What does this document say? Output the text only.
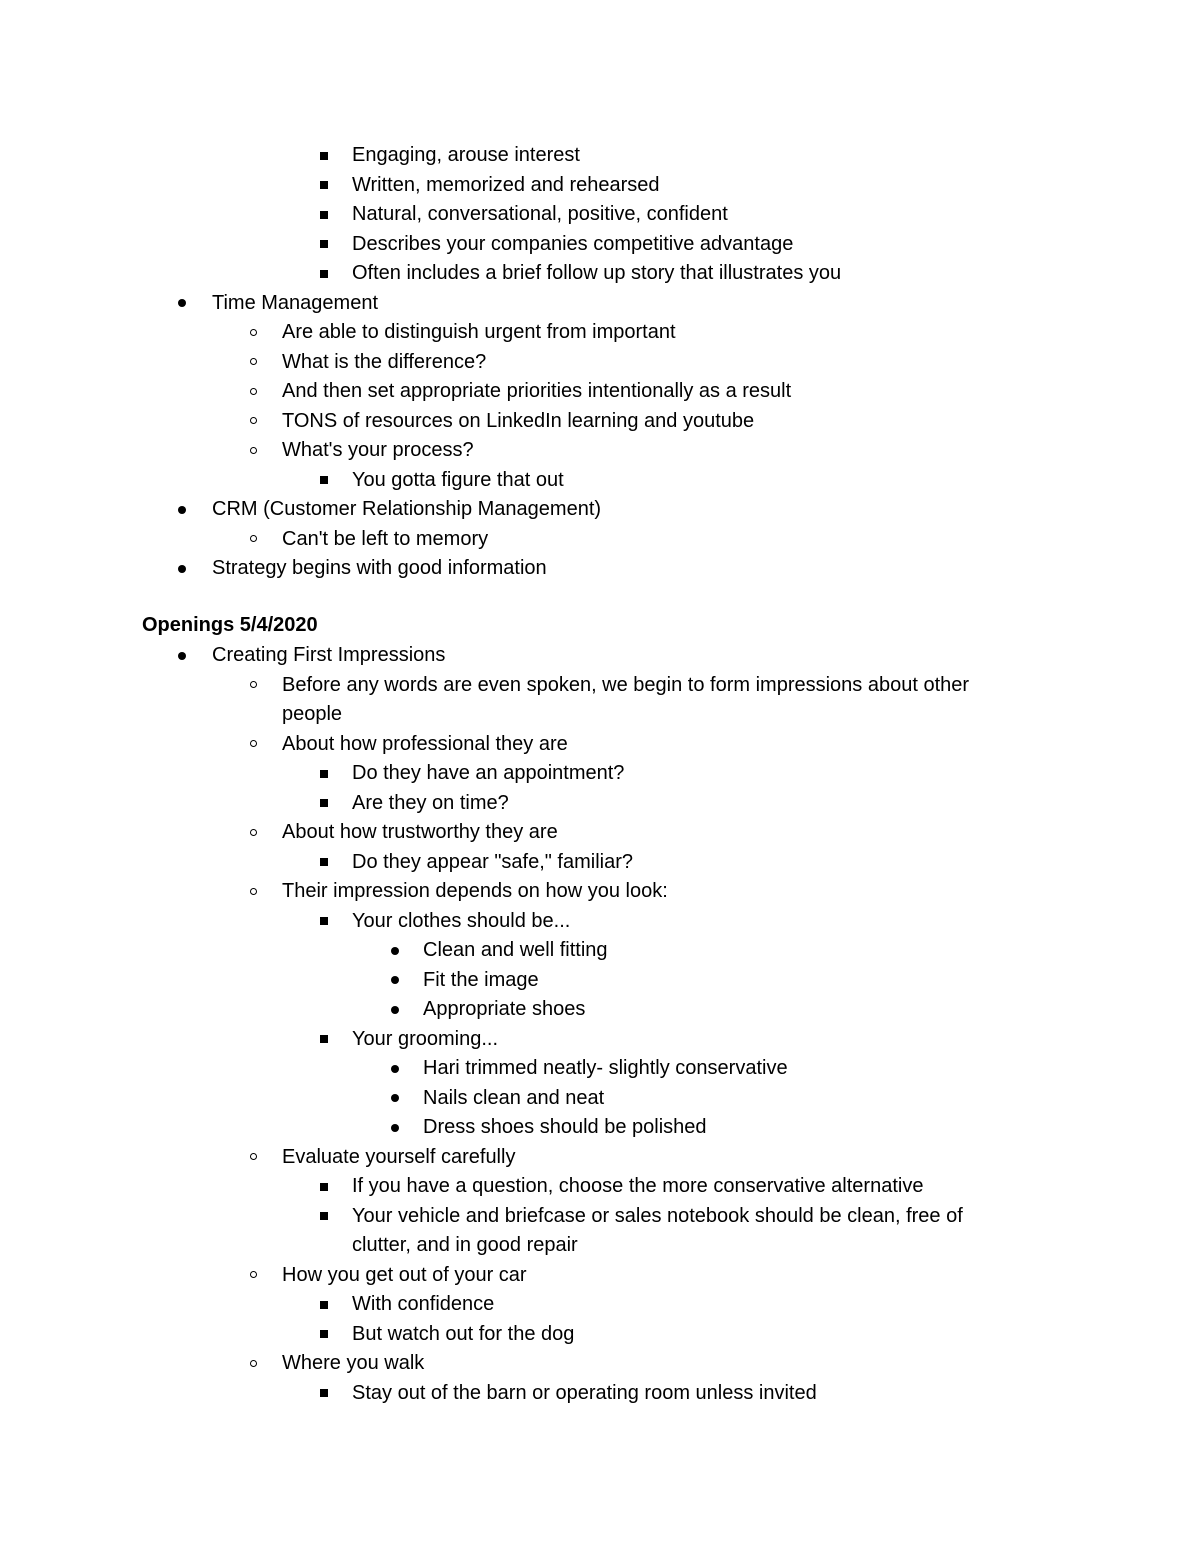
Engaging, arouse interest
Written, memorized and rehearsed
Natural, conversational, positive, confident
Describes your companies competitive advantage
Often includes a brief follow up story that illustrates you
Time Management
Are able to distinguish urgent from important
What is the difference?
And then set appropriate priorities intentionally as a result
TONS of resources on LinkedIn learning and youtube
What's your process?
You gotta figure that out
CRM (Customer Relationship Management)
Can't be left to memory
Strategy begins with good information
Openings 5/4/2020
Creating First Impressions
Before any words are even spoken, we begin to form impressions about other
people
About how professional they are
Do they have an appointment?
Are they on time?
About how trustworthy they are
Do they appear "safe," familiar?
Their impression depends on how you look:
Your clothes should be...
Clean and well fitting
Fit the image
Appropriate shoes
Your grooming...
Hari trimmed neatly- slightly conservative
Nails clean and neat
Dress shoes should be polished
Evaluate yourself carefully
If you have a question, choose the more conservative alternative
Your vehicle and briefcase or sales notebook should be clean, free of
clutter, and in good repair
How you get out of your car
With confidence
But watch out for the dog
Where you walk
Stay out of the barn or operating room unless invited
